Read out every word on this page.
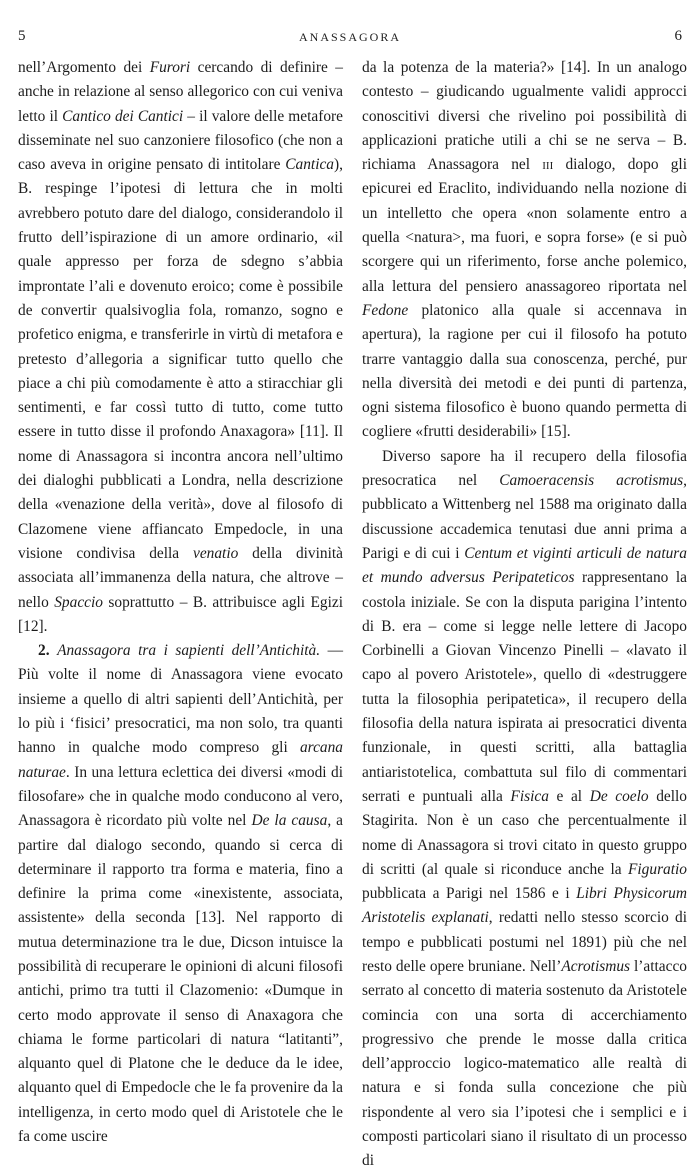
5	ANASSAGORA	6

nell’Argomento dei Furori cercando di definire – anche in relazione al senso allegorico con cui veniva letto il Cantico dei Cantici – il valore delle metafore disseminate nel suo canzoniere filosofico (che non a caso aveva in origine pensato di intitolare Cantica), B. respinge l’ipotesi di lettura che in molti avrebbero potuto dare del dialogo, considerandolo il frutto dell’ispirazione di un amore ordinario, «il quale appresso per forza de sdegno s’abbia improntate l’ali e dovenuto eroico; come è possibile de convertir qualsivoglia fola, romanzo, sogno e profetico enigma, e transferirle in virtù di metafora e pretesto d’allegoria a significar tutto quello che piace a chi più comodamente è atto a stiracchiar gli sentimenti, e far cossì tutto di tutto, come tutto essere in tutto disse il profondo Anaxagora» [11]. Il nome di Anassagora si incontra ancora nell’ultimo dei dialoghi pubblicati a Londra, nella descrizione della «venazione della verità», dove al filosofo di Clazomene viene affiancato Empedocle, in una visione condivisa della venatio della divinità associata all’immanenza della natura, che altrove – nello Spaccio soprattutto – B. attribuisce agli Egizi [12].

2. Anassagora tra i sapienti dell’Antichità. — Più volte il nome di Anassagora viene evocato insieme a quello di altri sapienti dell’Antichità, per lo più i ‘fisici’ presocratici, ma non solo, tra quanti hanno in qualche modo compreso gli arcana naturae. In una lettura eclettica dei diversi «modi di filosofare» che in qualche modo conducono al vero, Anassagora è ricordato più volte nel De la causa, a partire dal dialogo secondo, quando si cerca di determinare il rapporto tra forma e materia, fino a definire la prima come «inexistente, associata, assistente» della seconda [13]. Nel rapporto di mutua determinazione tra le due, Dicson intuisce la possibilità di recuperare le opinioni di alcuni filosofi antichi, primo tra tutti il Clazomenio: «Dumque in certo modo approvate il senso di Anaxagora che chiama le forme particolari di natura “latitanti”, alquanto quel di Platone che le deduce da le idee, alquanto quel di Empedocle che le fa provenire da la intelligenza, in certo modo quel di Aristotele che le fa come uscire

da la potenza de la materia?» [14]. In un analogo contesto – giudicando ugualmente validi approcci conoscitivi diversi che rivelino poi possibilità di applicazioni pratiche utili a chi se ne serva – B. richiama Anassagora nel iii dialogo, dopo gli epicurei ed Eraclito, individuando nella nozione di un intelletto che opera «non solamente entro a quella <natura>, ma fuori, e sopra forse» (e si può scorgere qui un riferimento, forse anche polemico, alla lettura del pensiero anassagoreo riportata nel Fedone platonico alla quale si accennava in apertura), la ragione per cui il filosofo ha potuto trarre vantaggio dalla sua conoscenza, perché, pur nella diversità dei metodi e dei punti di partenza, ogni sistema filosofico è buono quando permetta di cogliere «frutti desiderabili» [15].

Diverso sapore ha il recupero della filosofia presocratica nel Camoeracensis acrotismus, pubblicato a Wittenberg nel 1588 ma originato dalla discussione accademica tenutasi due anni prima a Parigi e di cui i Centum et viginti articuli de natura et mundo adversus Peripateticos rappresentano la costola iniziale. Se con la disputa parigina l’intento di B. era – come si legge nelle lettere di Jacopo Corbinelli a Giovan Vincenzo Pinelli – «lavato il capo al povero Aristotele», quello di «destruggere tutta la filosophia peripatetica», il recupero della filosofia della natura ispirata ai presocratici diventa funzionale, in questi scritti, alla battaglia antiaristotelica, combattuta sul filo di commentari serrati e puntuali alla Fisica e al De coelo dello Stagirita. Non è un caso che percentualmente il nome di Anassagora si trovi citato in questo gruppo di scritti (al quale si riconduce anche la Figuratio pubblicata a Parigi nel 1586 e i Libri Physicorum Aristotelis explanati, redatti nello stesso scorcio di tempo e pubblicati postumi nel 1891) più che nel resto delle opere bruniane. Nell’Acrotismus l’attacco serrato al concetto di materia sostenuto da Aristotele comincia con una sorta di accerchiamento progressivo che prende le mosse dalla critica dell’approccio logico-matematico alle realtà di natura e si fonda sulla concezione che più rispondente al vero sia l’ipotesi che i semplici e i composti particolari siano il risultato di un processo di
